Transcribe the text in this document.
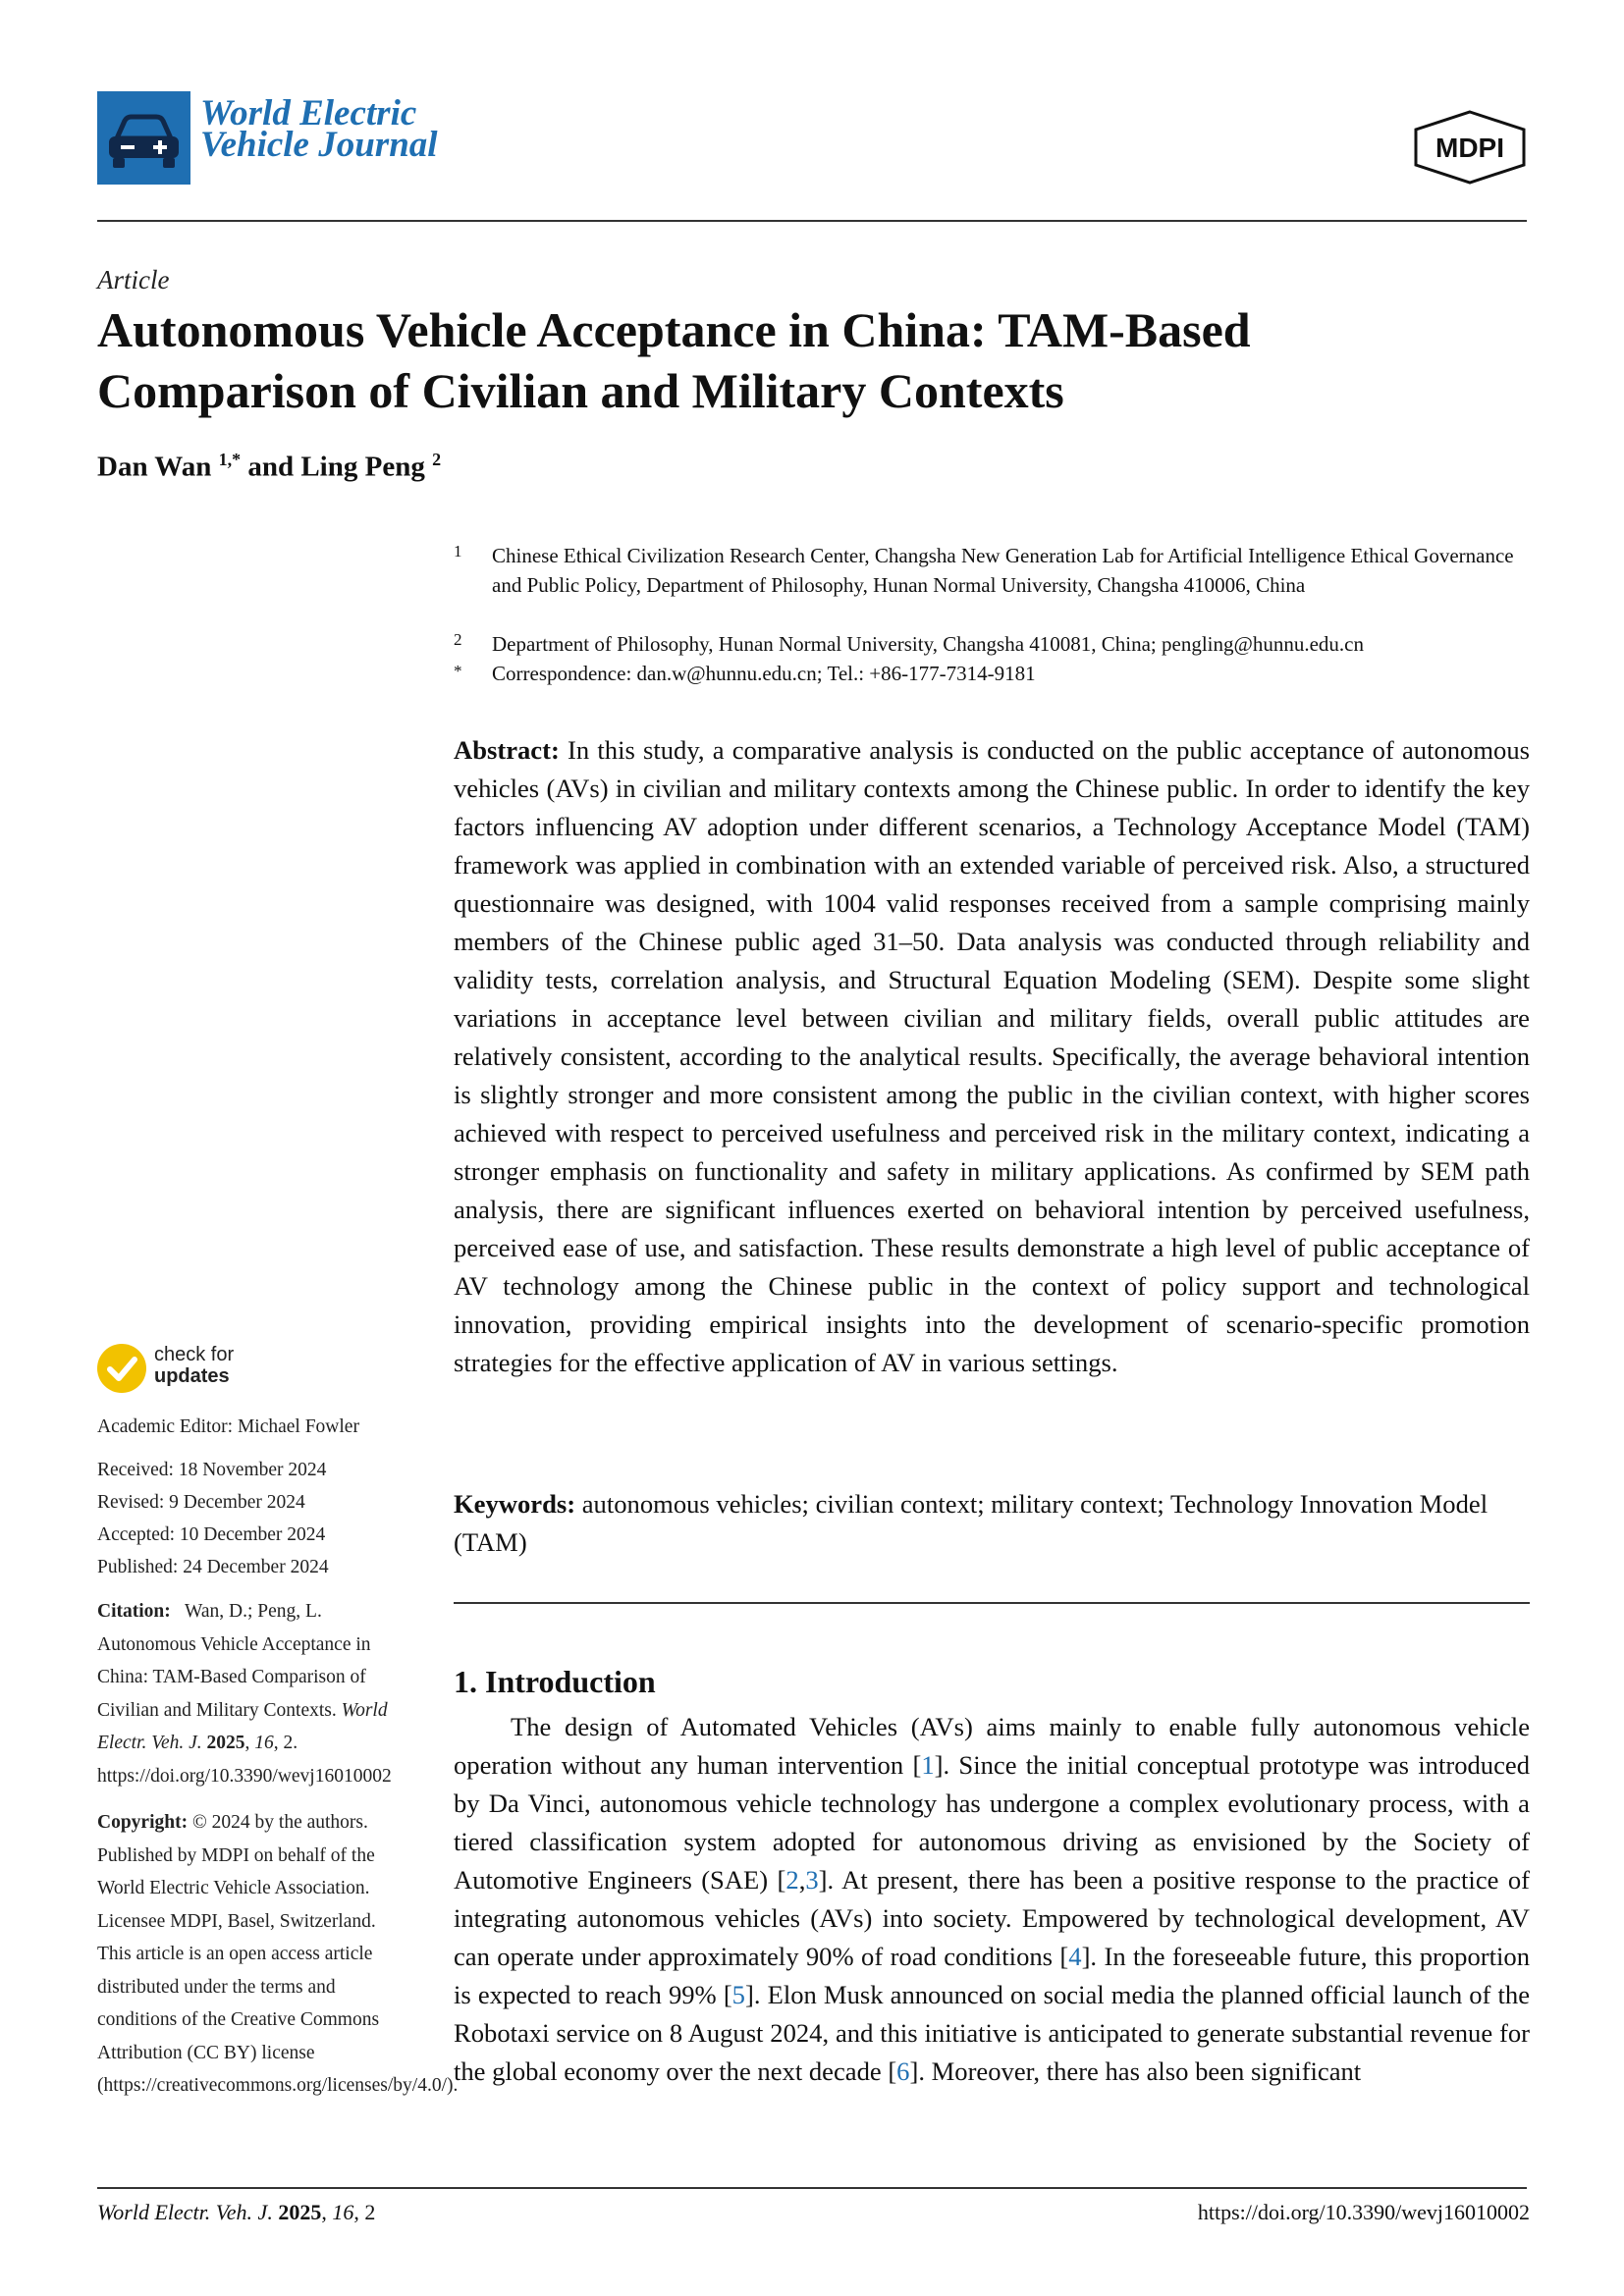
World Electric
Vehicle Journal	MDPI
Article
Autonomous Vehicle Acceptance in China: TAM-Based Comparison of Civilian and Military Contexts
Dan Wan $^{1,*}$ and Ling Peng $^2$
1 Chinese Ethical Civilization Research Center, Changsha New Generation Lab for Artificial Intelligence Ethical Governance and Public Policy, Department of Philosophy, Hunan Normal University, Changsha 410006, China
2 Department of Philosophy, Hunan Normal University, Changsha 410081, China; pengling@hunnu.edu.cn
* Correspondence: dan.w@hunnu.edu.cn; Tel.: +86-177-7314-9181
Abstract: In this study, a comparative analysis is conducted on the public acceptance of autonomous vehicles (AVs) in civilian and military contexts among the Chinese public. In order to identify the key factors influencing AV adoption under different scenarios, a Technology Acceptance Model (TAM) framework was applied in combination with an extended variable of perceived risk. Also, a structured questionnaire was designed, with 1004 valid responses received from a sample comprising mainly members of the Chinese public aged 31–50. Data analysis was conducted through reliability and validity tests, correlation analysis, and Structural Equation Modeling (SEM). Despite some slight variations in acceptance level between civilian and military fields, overall public attitudes are relatively consistent, according to the analytical results. Specifically, the average behavioral intention is slightly stronger and more consistent among the public in the civilian context, with higher scores achieved with respect to perceived usefulness and perceived risk in the military context, indicating a stronger emphasis on functionality and safety in military applications. As confirmed by SEM path analysis, there are significant influences exerted on behavioral intention by perceived usefulness, perceived ease of use, and satisfaction. These results demonstrate a high level of public acceptance of AV technology among the Chinese public in the context of policy support and technological innovation, providing empirical insights into the development of scenario-specific promotion strategies for the effective application of AV in various settings.
Keywords: autonomous vehicles; civilian context; military context; Technology Innovation Model (TAM)
1. Introduction
The design of Automated Vehicles (AVs) aims mainly to enable fully autonomous vehicle operation without any human intervention [1]. Since the initial conceptual prototype was introduced by Da Vinci, autonomous vehicle technology has undergone a complex evolutionary process, with a tiered classification system adopted for autonomous driving as envisioned by the Society of Automotive Engineers (SAE) [2,3]. At present, there has been a positive response to the practice of integrating autonomous vehicles (AVs) into society. Empowered by technological development, AV can operate under approximately 90% of road conditions [4]. In the foreseeable future, this proportion is expected to reach 99% [5]. Elon Musk announced on social media the planned official launch of the Robotaxi service on 8 August 2024, and this initiative is anticipated to generate substantial revenue for the global economy over the next decade [6]. Moreover, there has also been significant
check for
updates
Academic Editor: Michael Fowler
Received: 18 November 2024
Revised: 9 December 2024
Accepted: 10 December 2024
Published: 24 December 2024
Citation: Wan, D.; Peng, L. Autonomous Vehicle Acceptance in China: TAM-Based Comparison of Civilian and Military Contexts. World Electr. Veh. J. 2025, 16, 2. https://doi.org/10.3390/wevj16010002
Copyright: © 2024 by the authors. Published by MDPI on behalf of the World Electric Vehicle Association. Licensee MDPI, Basel, Switzerland. This article is an open access article distributed under the terms and conditions of the Creative Commons Attribution (CC BY) license (https://creativecommons.org/licenses/by/4.0/).
World Electr. Veh. J. 2025, 16, 2	https://doi.org/10.3390/wevj16010002
